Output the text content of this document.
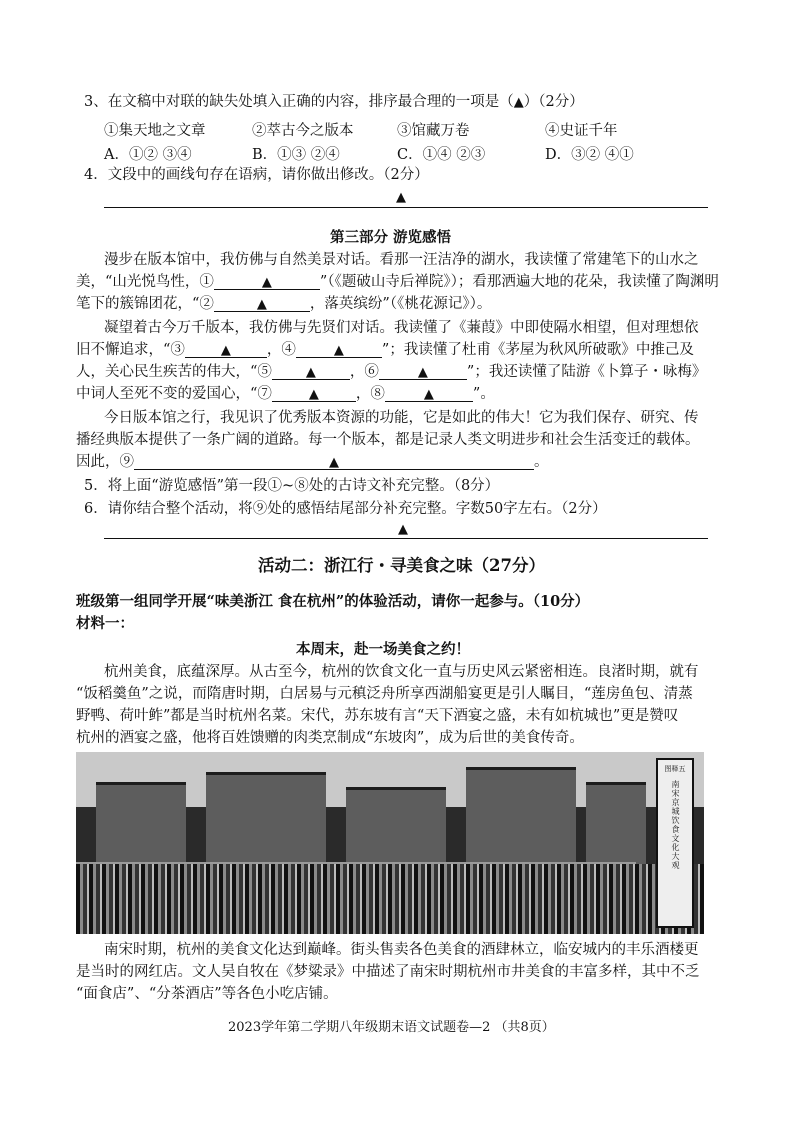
3、在文稿中对联的缺失处填入正确的内容，排序最合理的一项是（▲）（2分）
①集天地之文章	②萃古今之版本	③馆藏万卷	④史证千年
A．①② ③④	B．①③ ②④	C．①④ ②③	D．③② ④①
4．文段中的画线句存在语病，请你做出修改。（2分）
▲
第三部分 游览感悟
漫步在版本馆中，我仿佛与自然美景对话。看那一汪洁净的湖水，我读懂了常建笔下的山水之
美，“山光悦鸟性，①	▲	”（《题破山寺后禅院》）；看那洒遍大地的花朵，我读懂了陶渊明
笔下的簇锦团花，“②	▲	，落英缤纷”（《桃花源记》）。
凝望着古今万千版本，我仿佛与先贤们对话。我读懂了《蒹葭》中即使隔水相望，但对理想依
旧不懈追求，“③	▲ ，④	▲	”；我读懂了杜甫《茅屋为秋风所破歌》中推己及
人，关心民生疾苦的伟大，“⑤	▲ ，⑥	▲	”；我还读懂了陆游《卜算子・咏梅》
中词人至死不变的爱国心，“⑦	▲	，⑧	▲	”。
今日版本馆之行，我见识了优秀版本资源的功能，它是如此的伟大！它为我们保存、研究、传
播经典版本提供了一条广阔的道路。每一个版本，都是记录人类文明进步和社会生活变迁的载体。
因此，⑨	▲	。
5．将上面“游览感悟”第一段①~⑧处的古诗文补充完整。（8分）
6．请你结合整个活动，将⑨处的感悟结尾部分补充完整。字数50字左右。（2分）
▲
活动二：浙江行・寻美食之味（27分）
班级第一组同学开展“味美浙江 食在杭州”的体验活动，请你一起参与。（10分）
材料一：
本周末，赴一场美食之约！
杭州美食，底蕴深厚。从古至今，杭州的饮食文化一直与历史风云紧密相连。良渚时期，就有
“饭稻羹鱼”之说，而隋唐时期，白居易与元稹泛舟所享西湖船宴更是引人瞩目，“莲房鱼包、清蒸
野鸭、荷叶鲊”都是当时杭州名菜。宋代，苏东坡有言“天下酒宴之盛，未有如杭城也”更是赞叹
杭州的酒宴之盛，他将百姓馈赠的肉类烹制成“东坡肉”，成为后世的美食传奇。
图释五
南宋京城饮食文化大观
南宋时期，杭州的美食文化达到巅峰。街头售卖各色美食的酒肆林立，临安城内的丰乐酒楼更
是当时的网红店。文人吴自牧在《梦粱录》中描述了南宋时期杭州市井美食的丰富多样，其中不乏
“面食店”、“分茶酒店”等各色小吃店铺。
2023学年第二学期八年级期末语文试题卷—2 （共8页）
